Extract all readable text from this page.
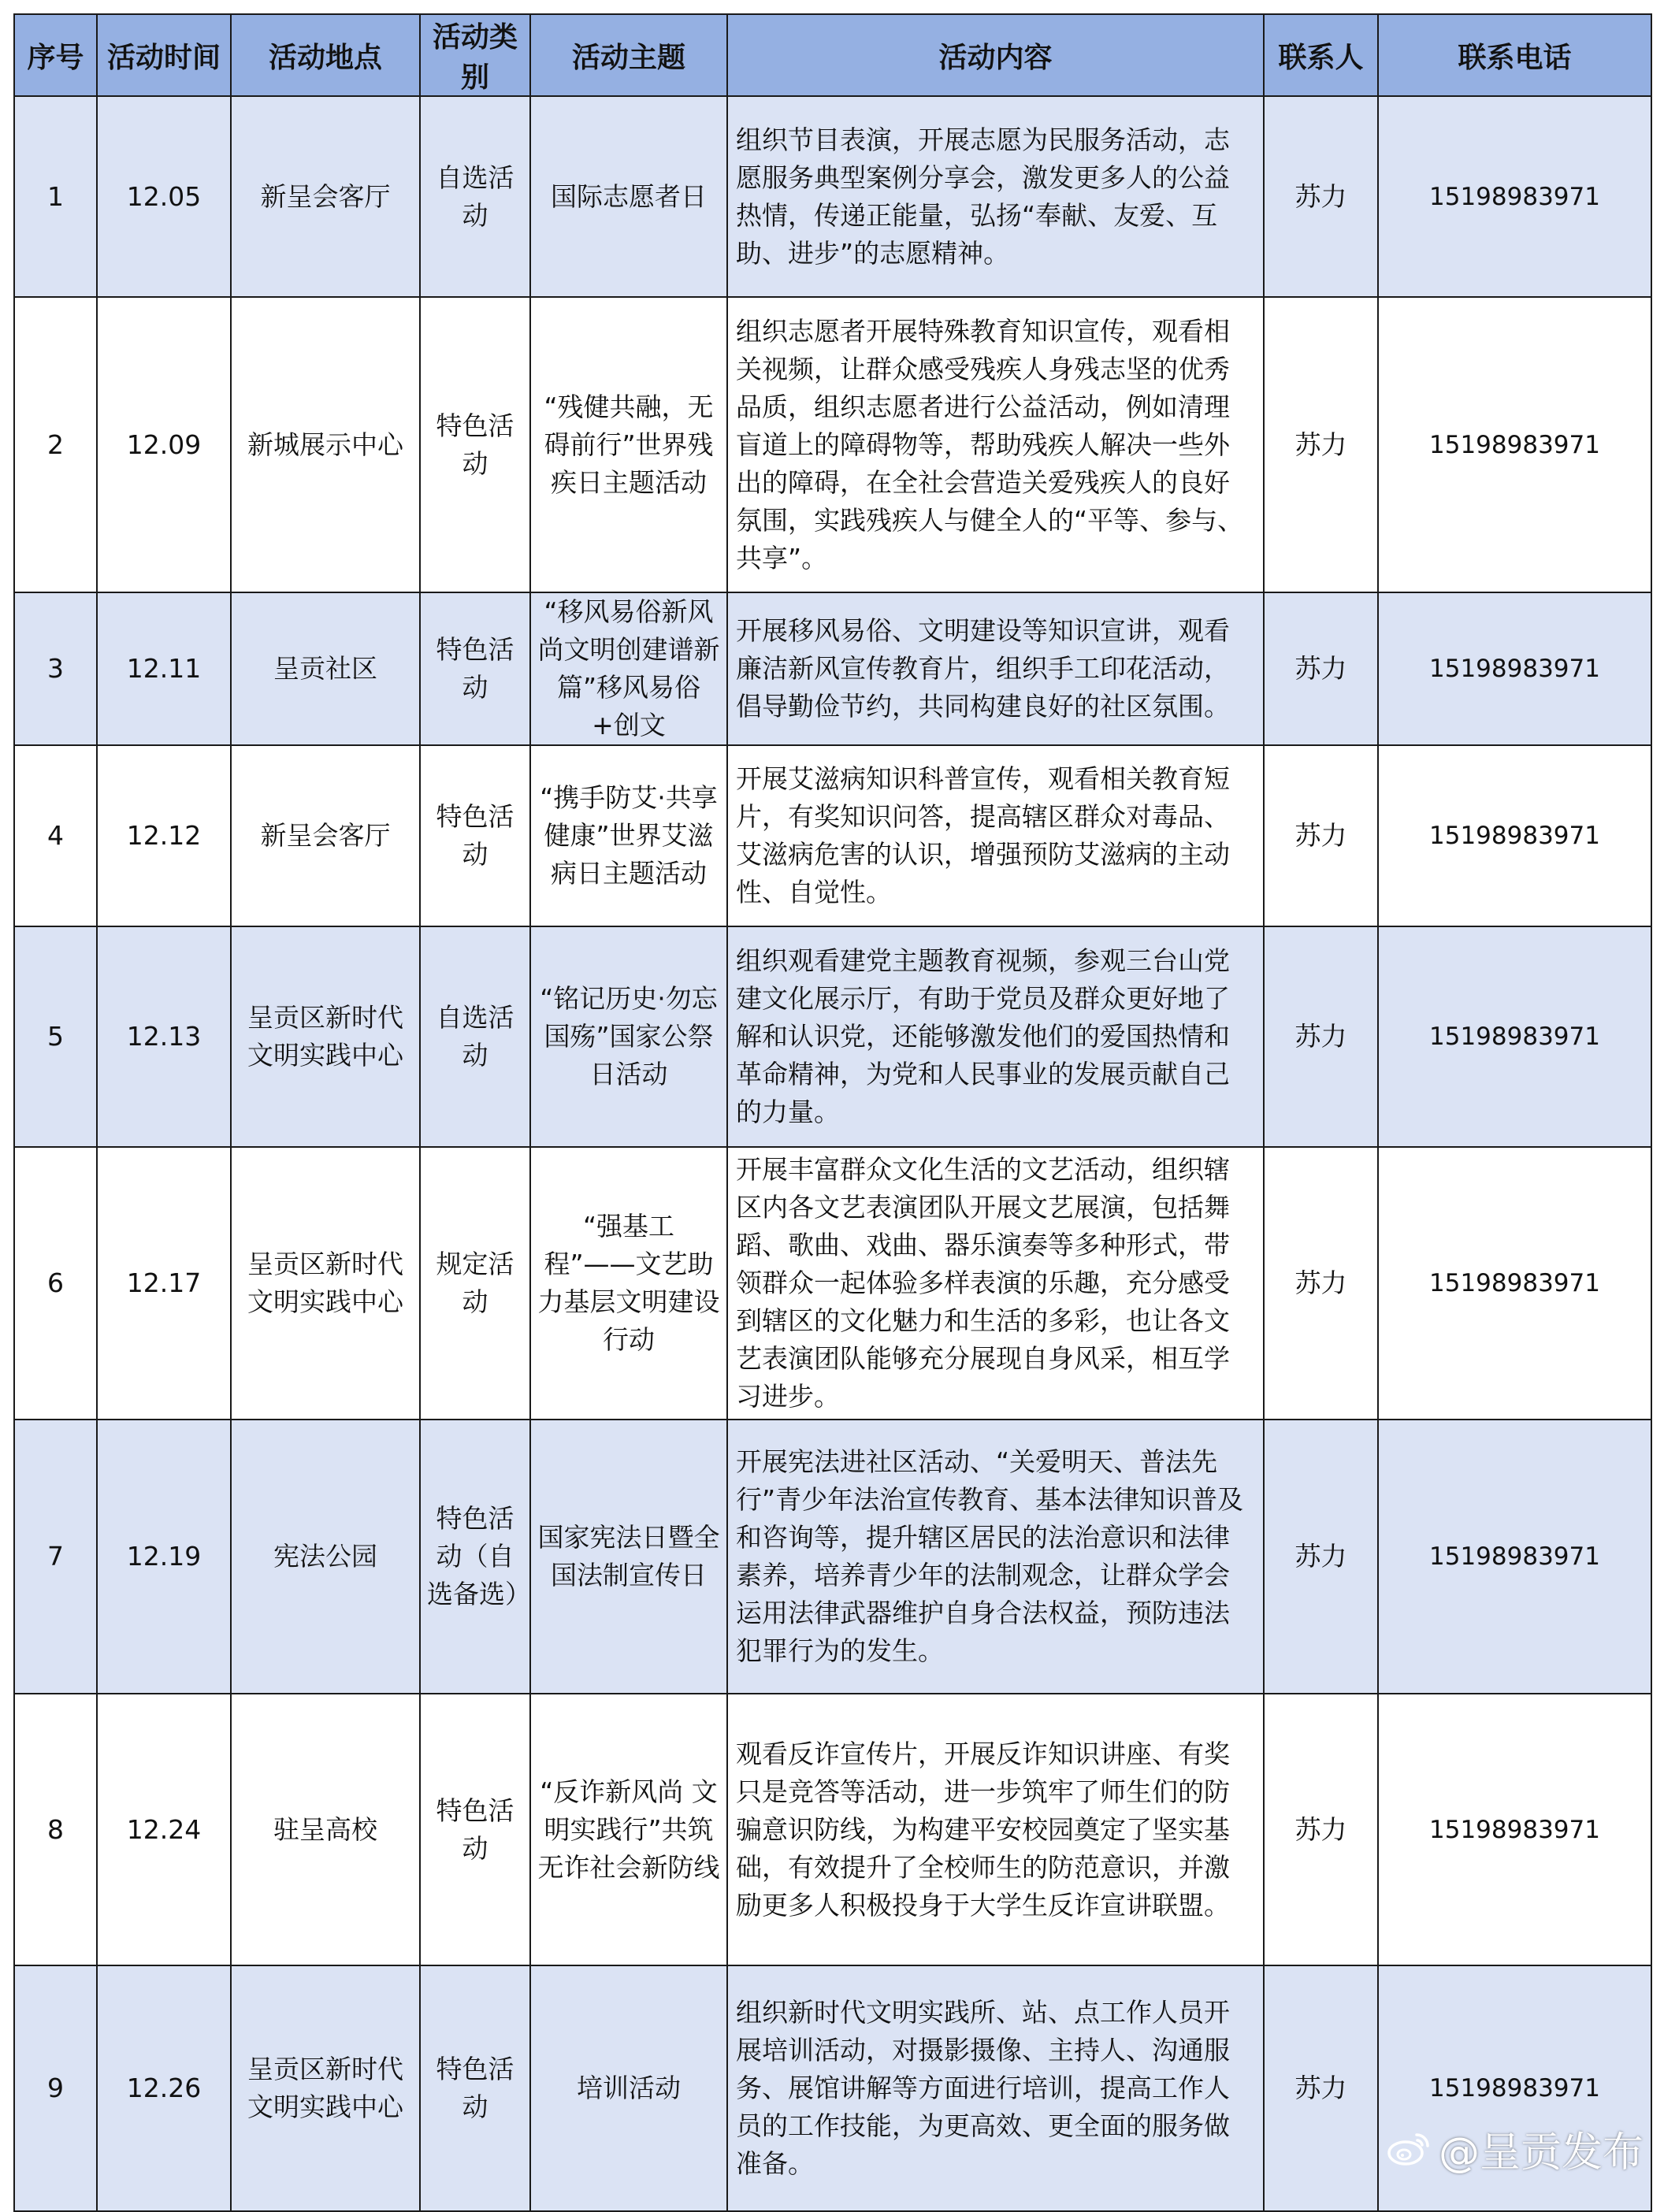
序号	活动时间	活动地点	活动类别	活动主题	活动内容	联系人	联系电话
1	12.05	新呈会客厅	自选活动	国际志愿者日	组织节目表演，开展志愿为民服务活动，志愿服务典型案例分享会，激发更多人的公益热情，传递正能量，弘扬“奉献、友爱、互助、进步”的志愿精神。	苏力	15198983971
2	12.09	新城展示中心	特色活动	“残健共融，无碍前行”世界残疾日主题活动	组织志愿者开展特殊教育知识宣传，观看相关视频，让群众感受残疾人身残志坚的优秀品质，组织志愿者进行公益活动，例如清理盲道上的障碍物等，帮助残疾人解决一些外出的障碍，在全社会营造关爱残疾人的良好氛围，实践残疾人与健全人的“平等、参与、共享”。	苏力	15198983971
3	12.11	呈贡社区	特色活动	“移风易俗新风尚文明创建谱新篇”移风易俗+创文	开展移风易俗、文明建设等知识宣讲，观看廉洁新风宣传教育片，组织手工印花活动，倡导勤俭节约，共同构建良好的社区氛围。	苏力	15198983971
4	12.12	新呈会客厅	特色活动	“携手防艾·共享健康”世界艾滋病日主题活动	开展艾滋病知识科普宣传，观看相关教育短片，有奖知识问答，提高辖区群众对毒品、艾滋病危害的认识，增强预防艾滋病的主动性、自觉性。	苏力	15198983971
5	12.13	呈贡区新时代文明实践中心	自选活动	“铭记历史·勿忘国殇”国家公祭日活动	组织观看建党主题教育视频，参观三台山党建文化展示厅，有助于党员及群众更好地了解和认识党，还能够激发他们的爱国热情和革命精神，为党和人民事业的发展贡献自己的力量。	苏力	15198983971
6	12.17	呈贡区新时代文明实践中心	规定活动	“强基工程”——文艺助力基层文明建设行动	开展丰富群众文化生活的文艺活动，组织辖区内各文艺表演团队开展文艺展演，包括舞蹈、歌曲、戏曲、器乐演奏等多种形式，带领群众一起体验多样表演的乐趣，充分感受到辖区的文化魅力和生活的多彩，也让各文艺表演团队能够充分展现自身风采，相互学习进步。	苏力	15198983971
7	12.19	宪法公园	特色活动（自选备选）	国家宪法日暨全国法制宣传日	开展宪法进社区活动、“关爱明天、普法先行”青少年法治宣传教育、基本法律知识普及和咨询等，提升辖区居民的法治意识和法律素养，培养青少年的法制观念，让群众学会运用法律武器维护自身合法权益，预防违法犯罪行为的发生。	苏力	15198983971
8	12.24	驻呈高校	特色活动	“反诈新风尚 文明实践行”共筑无诈社会新防线	观看反诈宣传片，开展反诈知识讲座、有奖只是竞答等活动，进一步筑牢了师生们的防骗意识防线，为构建平安校园奠定了坚实基础，有效提升了全校师生的防范意识，并激励更多人积极投身于大学生反诈宣讲联盟。	苏力	15198983971
9	12.26	呈贡区新时代文明实践中心	特色活动	培训活动	组织新时代文明实践所、站、点工作人员开展培训活动，对摄影摄像、主持人、沟通服务、展馆讲解等方面进行培训，提高工作人员的工作技能，为更高效、更全面的服务做准备。	苏力	15198983971
@呈贡发布
